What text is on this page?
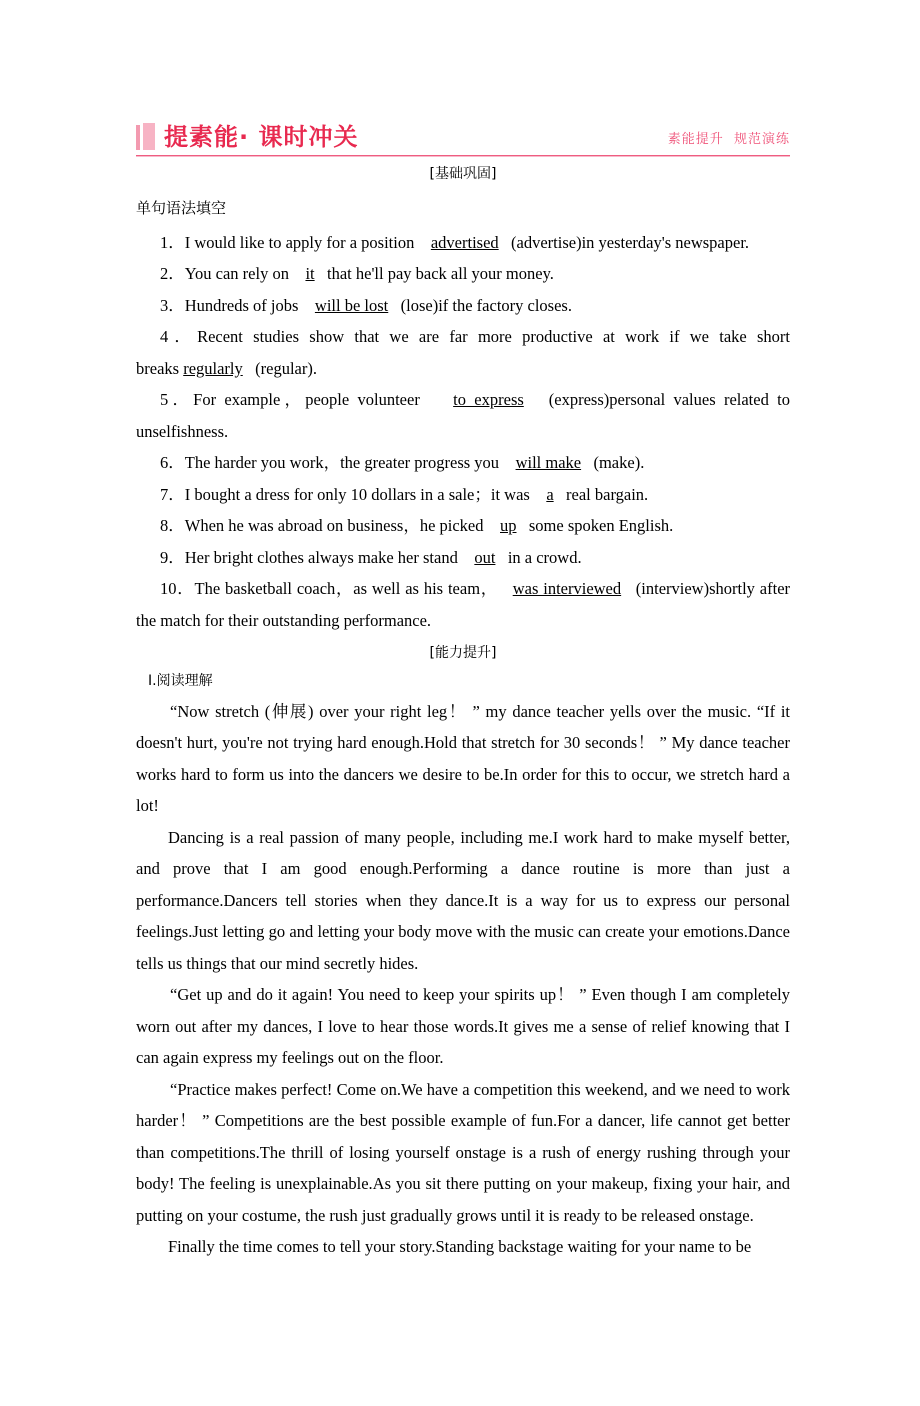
提素能· 课时冲关	素能提升  规范演练
[基础巩固]
单句语法填空
1．I would like to apply for a position advertised (advertise)in yesterday's newspaper.
2．You can rely on it that he'll pay back all your money.
3．Hundreds of jobs will be lost (lose)if the factory closes.
4．Recent studies show that we are far more productive at work if we take short breaks regularly (regular).
5．For example，people volunteer to express (express)personal values related to unselfishness.
6．The harder you work，the greater progress you will make (make).
7．I bought a dress for only 10 dollars in a sale；it was a real bargain.
8．When he was abroad on business，he picked up some spoken English.
9．Her bright clothes always make her stand out in a crowd.
10．The basketball coach，as well as his team， was interviewed (interview)shortly after the match for their outstanding performance.
[能力提升]
Ⅰ.阅读理解

“Now stretch (伸展) over your right leg！ ” my dance teacher yells over the music. “If it doesn't hurt, you're not trying hard enough.Hold that stretch for 30 seconds！ ” My dance teacher works hard to form us into the dancers we desire to be.In order for this to occur, we stretch hard a lot!

Dancing is a real passion of many people, including me.I work hard to make myself better, and prove that I am good enough.Performing a dance routine is more than just a performance.Dancers tell stories when they dance.It is a way for us to express our personal feelings.Just letting go and letting your body move with the music can create your emotions.Dance tells us things that our mind secretly hides.

“Get up and do it again! You need to keep your spirits up！ ” Even though I am completely worn out after my dances, I love to hear those words.It gives me a sense of relief knowing that I can again express my feelings out on the floor.

“Practice makes perfect! Come on.We have a competition this weekend, and we need to work harder！ ” Competitions are the best possible example of fun.For a dancer, life cannot get better than competitions.The thrill of losing yourself onstage is a rush of energy rushing through your body! The feeling is unexplainable.As you sit there putting on your makeup, fixing your hair, and putting on your costume, the rush just gradually grows until it is ready to be released onstage.

Finally the time comes to tell your story.Standing backstage waiting for your name to be
